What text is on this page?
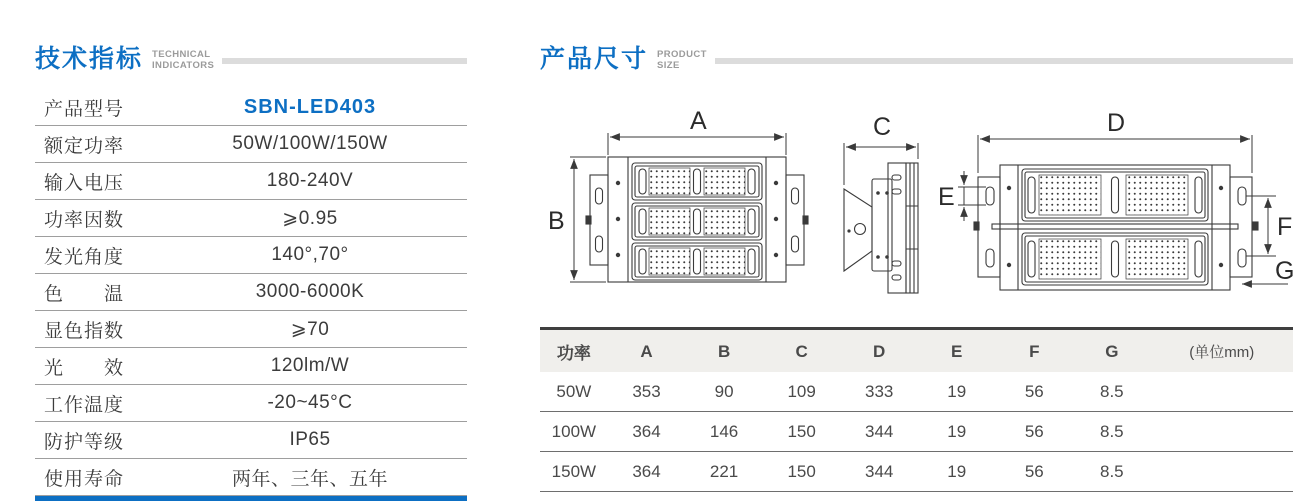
技术指标 TECHNICAL
INDICATORS
产品型号	SBN-LED403
额定功率	50W/100W/150W
输入电压	180-240V
功率因数	⩾0.95
发光角度	140°,70°
色　　温	3000-6000K
显色指数	⩾70
光　　效	120lm/W
工作温度	-20~45°C
防护等级	IP65
使用寿命	两年、三年、五年
产品尺寸 PRODUCT
SIZE
A
B
C	D
E
F
G
功率	A	B	C	D	E	F	G	(单位mm)
50W	353	90	109	333	19	56	8.5	
100W	364	146	150	344	19	56	8.5	
150W	364	221	150	344	19	56	8.5	
